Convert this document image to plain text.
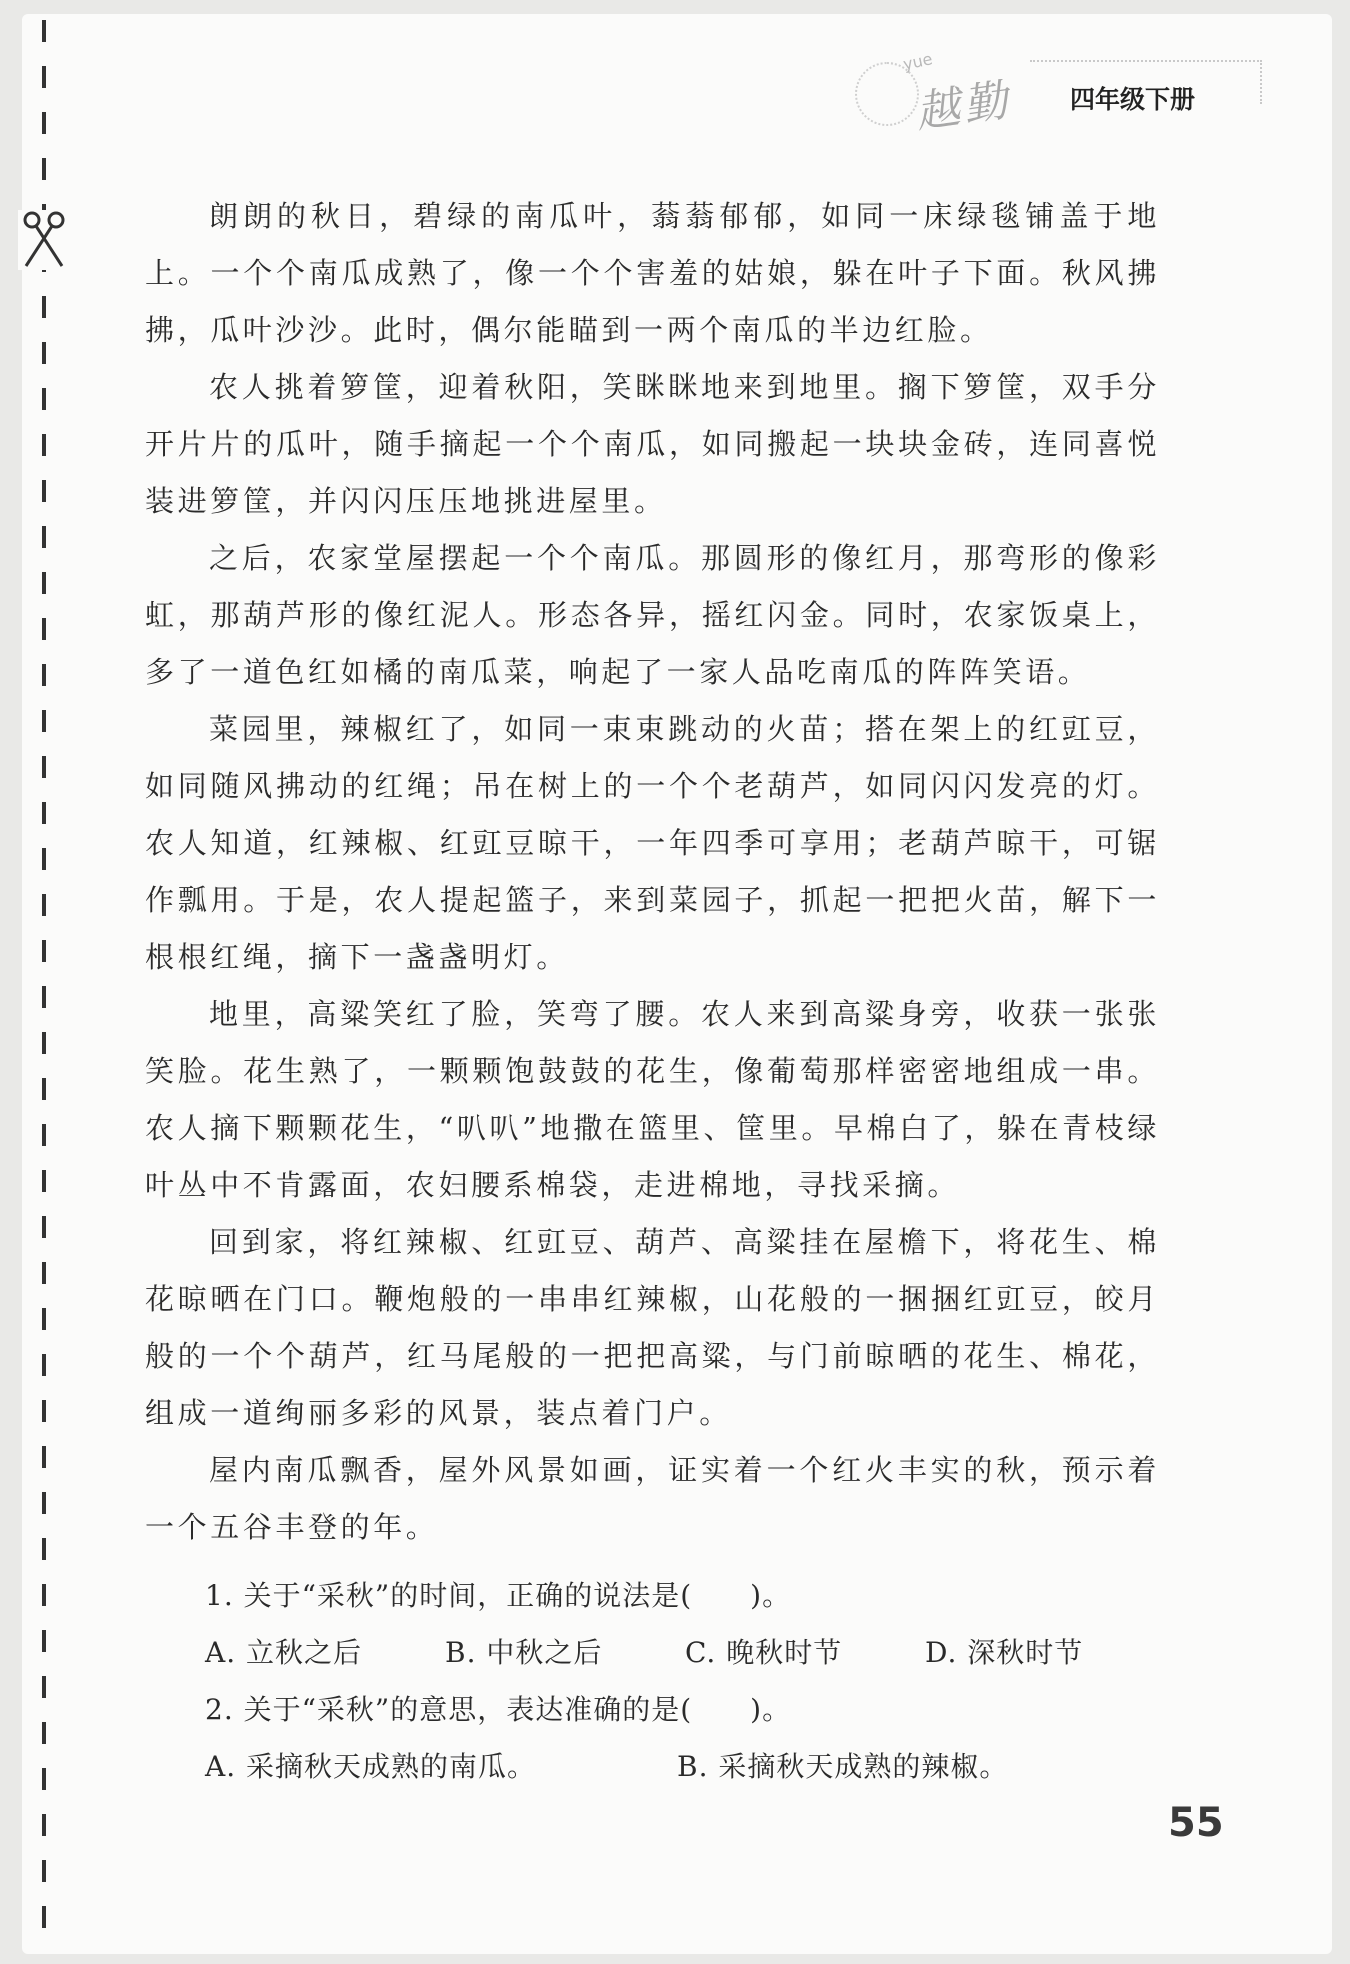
yue
越勤 四年级下册

朗朗的秋日，碧绿的南瓜叶，蓊蓊郁郁，如同一床绿毯铺盖于地上。一个个南瓜成熟了，像一个个害羞的姑娘，躲在叶子下面。秋风拂拂，瓜叶沙沙。此时，偶尔能瞄到一两个南瓜的半边红脸。

农人挑着箩筐，迎着秋阳，笑眯眯地来到地里。搁下箩筐，双手分开片片的瓜叶，随手摘起一个个南瓜，如同搬起一块块金砖，连同喜悦装进箩筐，并闪闪压压地挑进屋里。

之后，农家堂屋摆起一个个南瓜。那圆形的像红月，那弯形的像彩虹，那葫芦形的像红泥人。形态各异，摇红闪金。同时，农家饭桌上，多了一道色红如橘的南瓜菜，响起了一家人品吃南瓜的阵阵笑语。

菜园里，辣椒红了，如同一束束跳动的火苗；搭在架上的红豇豆，如同随风拂动的红绳；吊在树上的一个个老葫芦，如同闪闪发亮的灯。农人知道，红辣椒、红豇豆晾干，一年四季可享用；老葫芦晾干，可锯作瓢用。于是，农人提起篮子，来到菜园子，抓起一把把火苗，解下一根根红绳，摘下一盏盏明灯。

地里，高粱笑红了脸，笑弯了腰。农人来到高粱身旁，收获一张张笑脸。花生熟了，一颗颗饱鼓鼓的花生，像葡萄那样密密地组成一串。农人摘下颗颗花生，“叭叭”地撒在篮里、筐里。早棉白了，躲在青枝绿叶丛中不肯露面，农妇腰系棉袋，走进棉地，寻找采摘。

回到家，将红辣椒、红豇豆、葫芦、高粱挂在屋檐下，将花生、棉花晾晒在门口。鞭炮般的一串串红辣椒，山花般的一捆捆红豇豆，皎月般的一个个葫芦，红马尾般的一把把高粱，与门前晾晒的花生、棉花，组成一道绚丽多彩的风景，装点着门户。

屋内南瓜飘香，屋外风景如画，证实着一个红火丰实的秋，预示着一个五谷丰登的年。

1. 关于“采秋”的时间，正确的说法是(　　)。

A. 立秋之后	B. 中秋之后	C. 晚秋时节	D. 深秋时节

2. 关于“采秋”的意思，表达准确的是(　　)。

A. 采摘秋天成熟的南瓜。	B. 采摘秋天成熟的辣椒。
55
